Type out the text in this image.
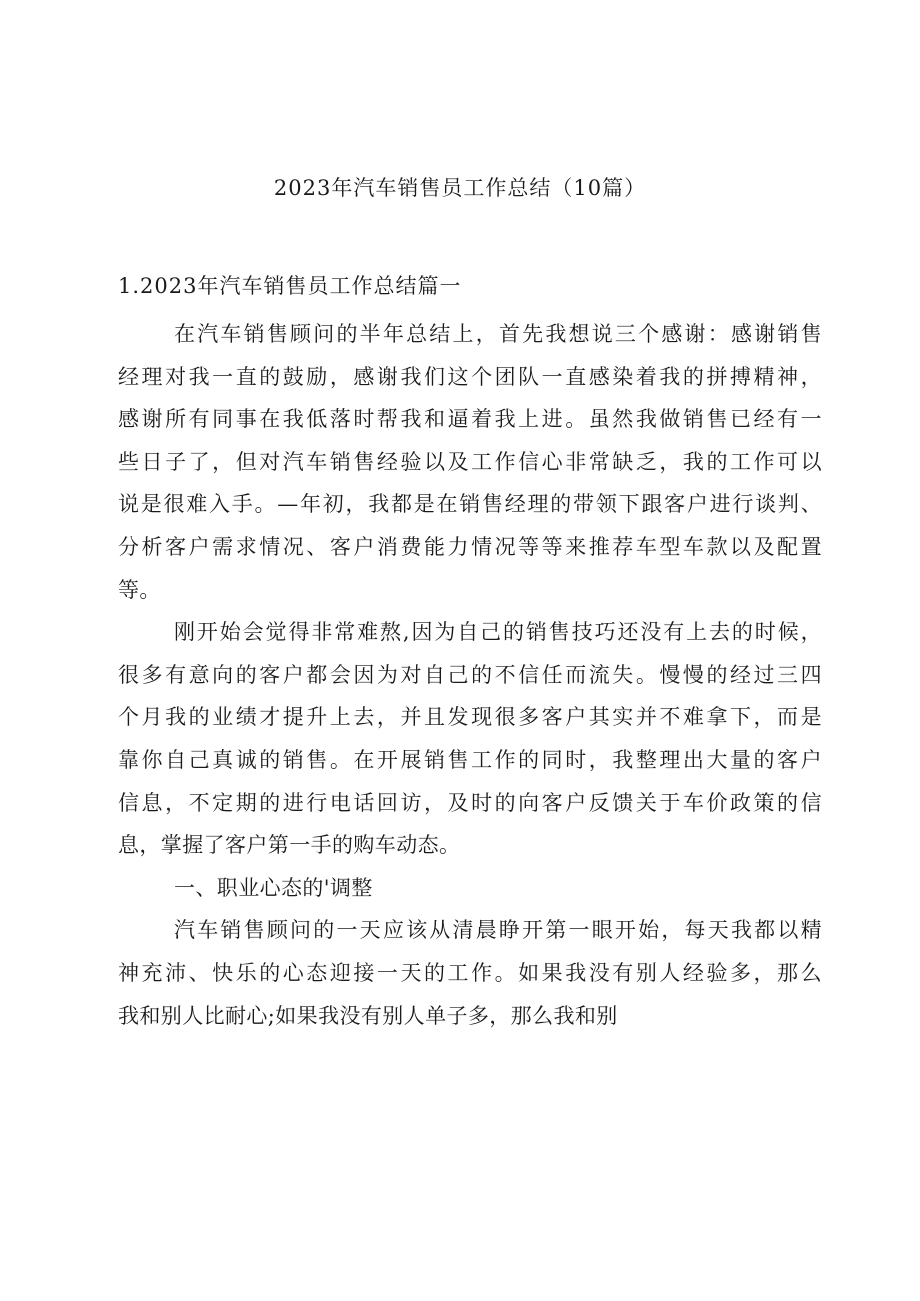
2023年汽车销售员工作总结（10篇）
1.2023年汽车销售员工作总结篇一
在汽车销售顾问的半年总结上，首先我想说三个感谢：感谢销售
经理对我一直的鼓励，感谢我们这个团队一直感染着我的拼搏精神，
感谢所有同事在我低落时帮我和逼着我上进。虽然我做销售已经有一
些日子了，但对汽车销售经验以及工作信心非常缺乏，我的工作可以
说是很难入手。—年初，我都是在销售经理的带领下跟客户进行谈判、
分析客户需求情况、客户消费能力情况等等来推荐车型车款以及配置
等。
刚开始会觉得非常难熬,因为自己的销售技巧还没有上去的时候，
很多有意向的客户都会因为对自己的不信任而流失。慢慢的经过三四
个月我的业绩才提升上去，并且发现很多客户其实并不难拿下，而是
靠你自己真诚的销售。在开展销售工作的同时，我整理出大量的客户
信息，不定期的进行电话回访，及时的向客户反馈关于车价政策的信
息，掌握了客户第一手的购车动态。
一、职业心态的'调整
汽车销售顾问的一天应该从清晨睁开第一眼开始，每天我都以精
神充沛、快乐的心态迎接一天的工作。如果我没有别人经验多，那么
我和别人比耐心;如果我没有别人单子多，那么我和别
